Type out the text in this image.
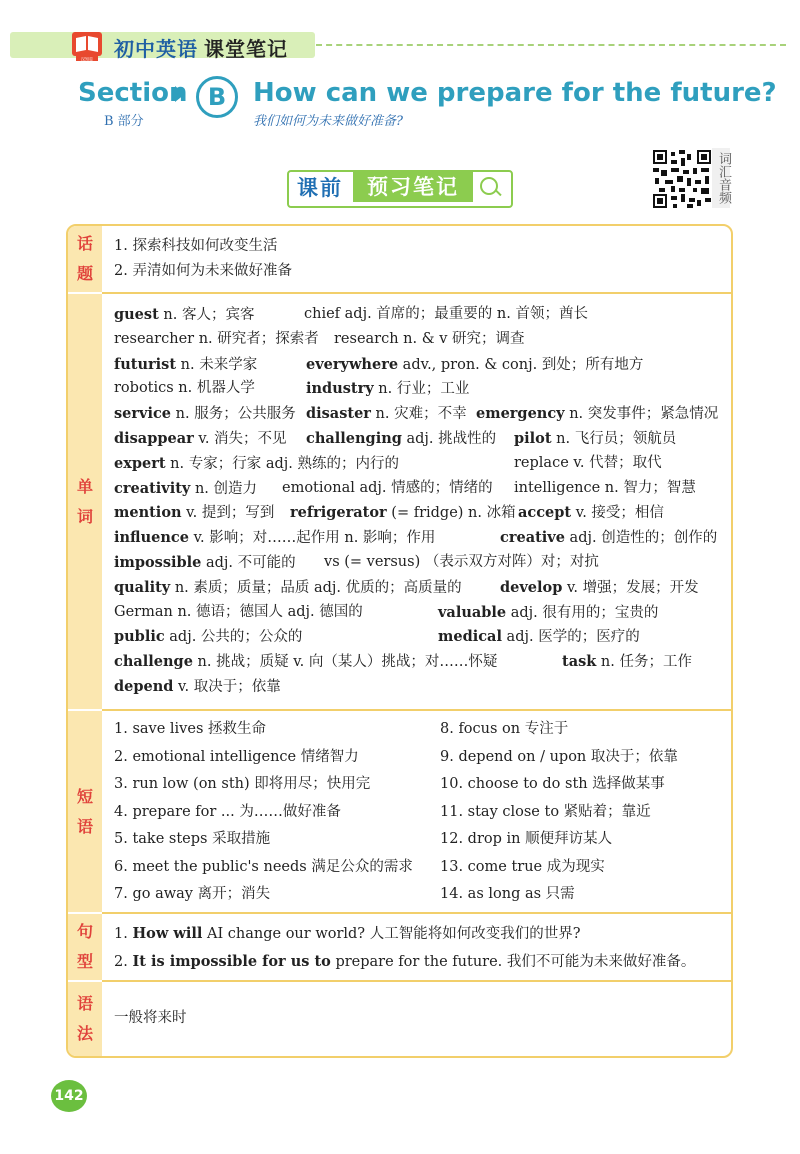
汉知星 初中英语 课堂笔记
Section B	How can we prepare for the future?
B 部分	我们如何为未来做好准备?
词汇音频
课前	预习笔记
话
题
1. 探索科技如何改变生活
2. 弄清如何为未来做好准备
单
词
guest n. 客人；宾客	chief adj. 首席的；最重要的 n. 首领；酋长
researcher n. 研究者；探索者 research n. & v 研究；调查
futurist n. 未来学家	everywhere adv., pron. & conj. 到处；所有地方
robotics n. 机器人学	industry n. 行业；工业
service n. 服务；公共服务 disaster n. 灾难；不幸 emergency n. 突发事件；紧急情况
disappear v. 消失；不见 challenging adj. 挑战性的 pilot n. 飞行员；领航员
expert n. 专家；行家 adj. 熟练的；内行的	replace v. 代替；取代
creativity n. 创造力 emotional adj. 情感的；情绪的 intelligence n. 智力；智慧
mention v. 提到；写到 refrigerator (= fridge) n. 冰箱 accept v. 接受；相信
influence v. 影响；对……起作用 n. 影响；作用	creative adj. 创造性的；创作的
impossible adj. 不可能的 vs (= versus) （表示双方对阵）对；对抗
quality n. 素质；质量；品质 adj. 优质的；高质量的	develop v. 增强；发展；开发
German n. 德语；德国人 adj. 德国的	valuable adj. 很有用的；宝贵的
public adj. 公共的；公众的	medical adj. 医学的；医疗的
challenge n. 挑战；质疑 v. 向（某人）挑战；对……怀疑	task n. 任务；工作
depend v. 取决于；依靠
短
语
1. save lives 拯救生命
2. emotional intelligence 情绪智力
3. run low (on sth) 即将用尽；快用完
4. prepare for ... 为……做好准备
5. take steps 采取措施
6. meet the public's needs 满足公众的需求
7. go away 离开；消失
8. focus on 专注于
9. depend on / upon 取决于；依靠
10. choose to do sth 选择做某事
11. stay close to 紧贴着；靠近
12. drop in 顺便拜访某人
13. come true 成为现实
14. as long as 只需
句
型
1. How will AI change our world? 人工智能将如何改变我们的世界?
2. It is impossible for us to prepare for the future. 我们不可能为未来做好准备。
语
法
一般将来时
142
